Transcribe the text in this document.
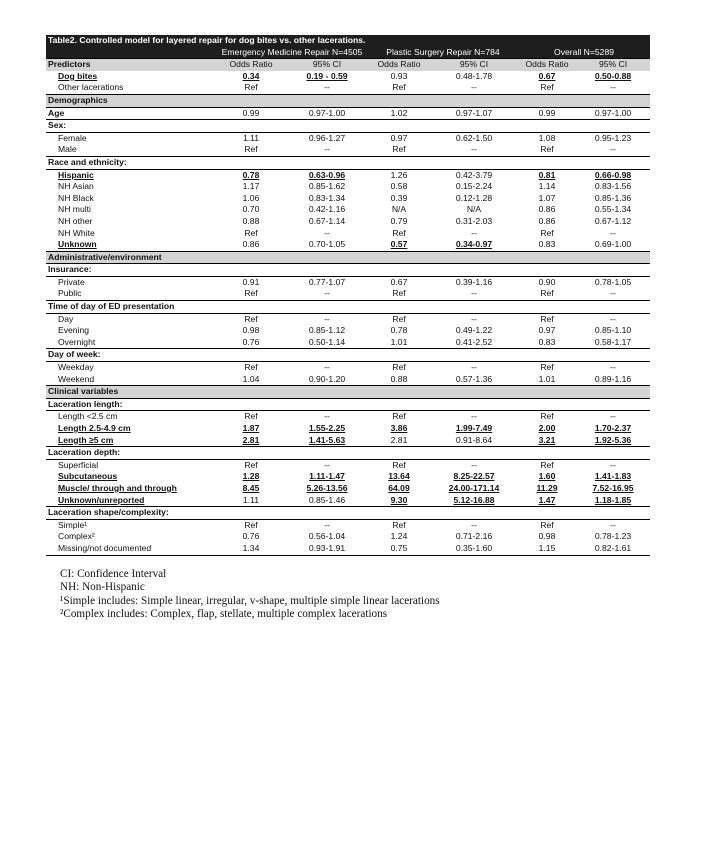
Table2. Controlled model for layered repair for dog bites vs. other lacerations.						
	Emergency Medicine Repair N=4505		Plastic Surgery Repair N=784		Overall N=5289	
Predictors	Odds Ratio	95% CI	Odds Ratio	95% CI	Odds Ratio	95% CI
Dog bites	0.34	0.19 - 0.59	0.93	0.48-1.78	0.67	0.50-0.88
Other lacerations	Ref	--	Ref	--	Ref	--
Demographics						
Age	0.99	0.97-1.00	1.02	0.97-1.07	0.99	0.97-1.00
Sex:						
Female	1.11	0.96-1.27	0.97	0.62-1.50	1.08	0.95-1.23
Male	Ref	--	Ref	--	Ref	--
Race and ethnicity:						
Hispanic	0.78	0.63-0.96	1.26	0.42-3.79	0.81	0.66-0.98
NH Asian	1.17	0.85-1.62	0.58	0.15-2.24	1.14	0.83-1.56
NH Black	1.06	0.83-1.34	0.39	0.12-1.28	1.07	0.85-1.36
NH multi	0.70	0.42-1.16	N/A	N/A	0.86	0.55-1.34
NH other	0.88	0.67-1.14	0.79	0.31-2.03	0.86	0.67-1.12
NH White	Ref	--	Ref	--	Ref	--
Unknown	0.86	0.70-1.05	0.57	0.34-0.97	0.83	0.69-1.00
Administrative/environment						
Insurance:						
Private	0.91	0.77-1.07	0.67	0.39-1.16	0.90	0.78-1.05
Public	Ref	--	Ref	--	Ref	--
Time of day of ED presentation						
Day	Ref	--	Ref	--	Ref	--
Evening	0.98	0.85-1.12	0.78	0.49-1.22	0.97	0.85-1.10
Overnight	0.76	0.50-1.14	1.01	0.41-2.52	0.83	0.58-1.17
Day of week:						
Weekday	Ref	--	Ref	--	Ref	--
Weekend	1.04	0.90-1.20	0.88	0.57-1.36	1.01	0.89-1.16
Clinical variables						
Laceration length:						
Length <2.5 cm	Ref	--	Ref	--	Ref	--
Length 2.5-4.9 cm	1.87	1.55-2.25	3.86	1.99-7.49	2.00	1.70-2.37
Length ≥5 cm	2.81	1.41-5.63	2.81	0.91-8.64	3.21	1.92-5.36
Laceration depth:						
Superficial	Ref	--	Ref	--	Ref	--
Subcutaneous	1.28	1.11-1.47	13.64	8.25-22.57	1.60	1.41-1.83
Muscle/ through and through	8.45	5.26-13.56	64.09	24.00-171.14	11.29	7.52-16.95
Unknown/unreported	1.11	0.85-1.46	9.30	5.12-16.88	1.47	1.18-1.85
Laceration shape/complexity:						
Simple¹	Ref	--	Ref	--	Ref	--
Complex²	0.76	0.56-1.04	1.24	0.71-2.16	0.98	0.78-1.23
Missing/not documented	1.34	0.93-1.91	0.75	0.35-1.60	1.15	0.82-1.61
CI: Confidence Interval
NH: Non-Hispanic
¹Simple includes: Simple linear, irregular, v-shape, multiple simple linear lacerations
²Complex includes: Complex, flap, stellate, multiple complex lacerations
